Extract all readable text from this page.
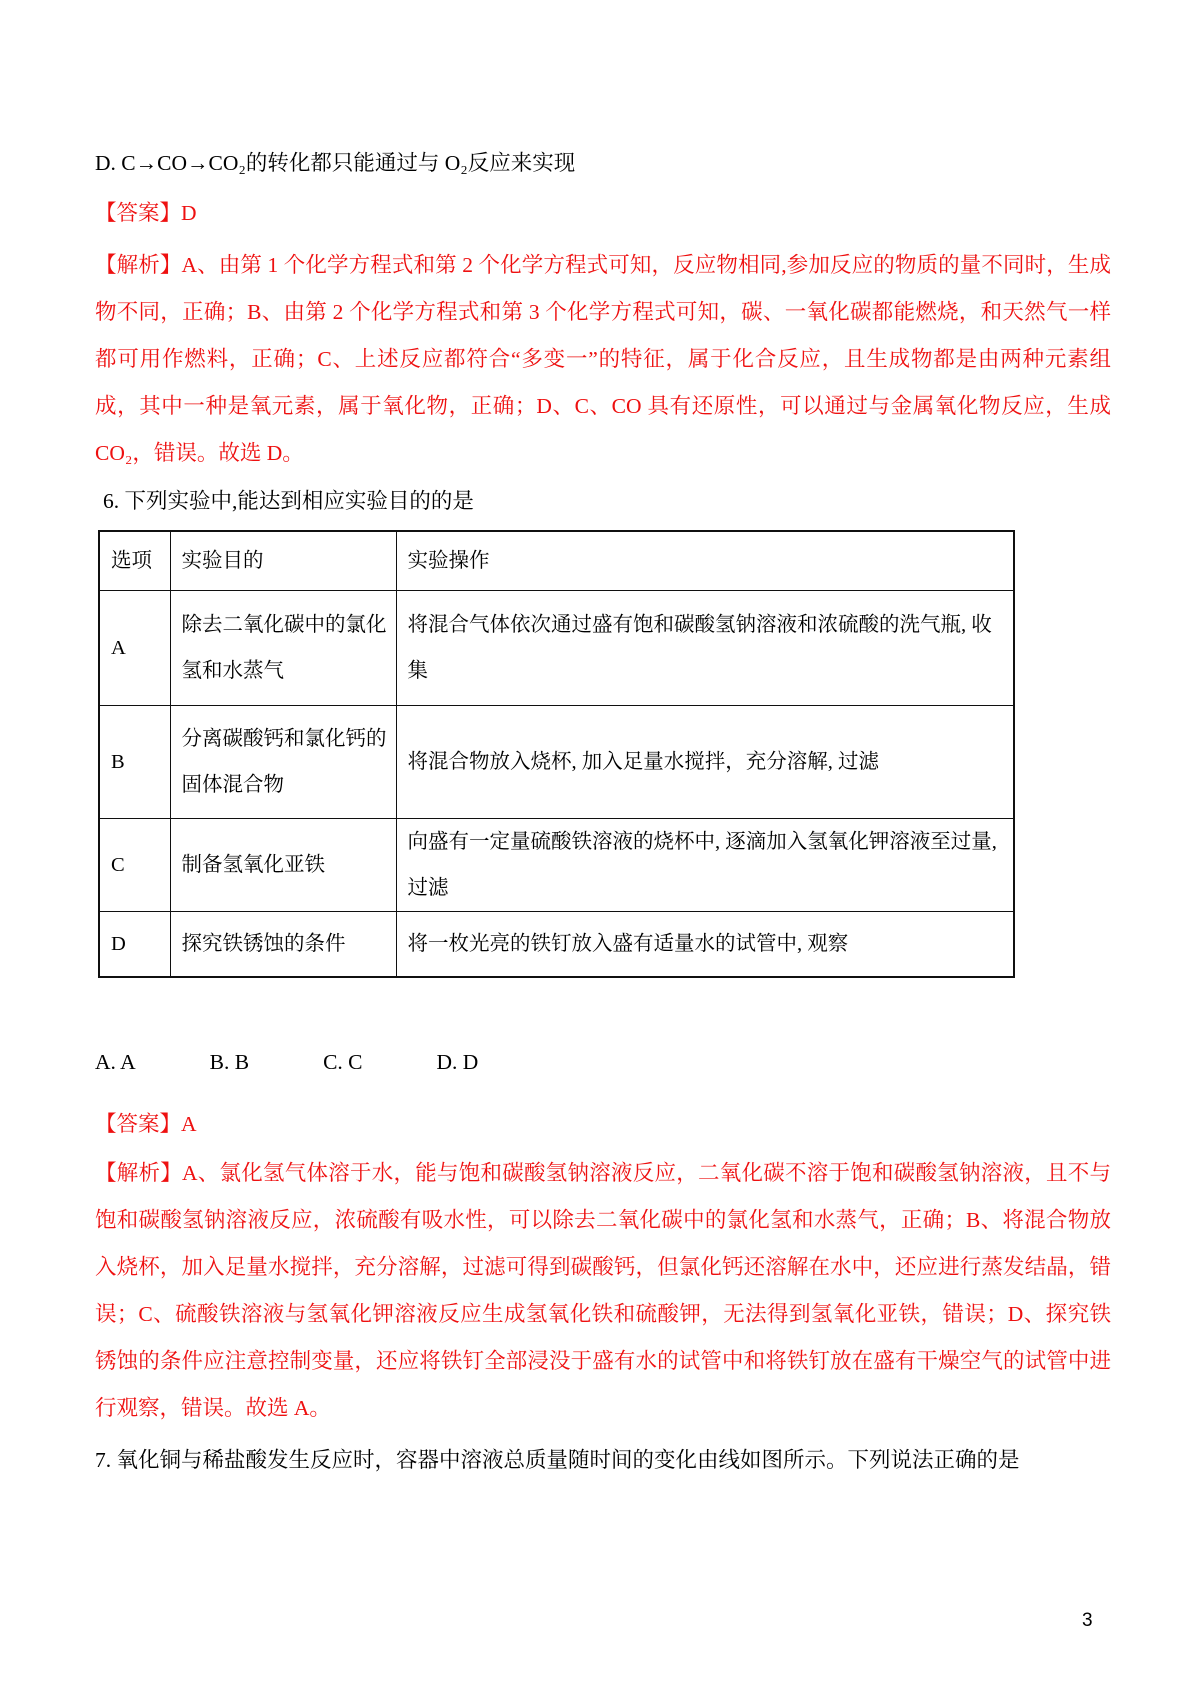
D. C→CO→CO₂的转化都只能通过与 O₂反应来实现

【答案】D

【解析】A、由第 1 个化学方程式和第 2 个化学方程式可知，反应物相同,参加反应的物质的量不同时，生成物不同，正确；B、由第 2 个化学方程式和第 3 个化学方程式可知，碳、一氧化碳都能燃烧，和天然气一样都可用作燃料，正确；C、上述反应都符合“多变一”的特征，属于化合反应，且生成物都是由两种元素组成，其中一种是氧元素，属于氧化物，正确；D、C、CO 具有还原性，可以通过与金属氧化物反应，生成CO₂，错误。故选 D。

6. 下列实验中,能达到相应实验目的的是

选项	实验目的	实验操作
A	除去二氧化碳中的氯化氢和水蒸气	将混合气体依次通过盛有饱和碳酸氢钠溶液和浓硫酸的洗气瓶, 收集
B	分离碳酸钙和氯化钙的固体混合物	将混合物放入烧杯, 加入足量水搅拌，充分溶解, 过滤
C	制备氢氧化亚铁	向盛有一定量硫酸铁溶液的烧杯中, 逐滴加入氢氧化钾溶液至过量, 过滤
D	探究铁锈蚀的条件	将一枚光亮的铁钉放入盛有适量水的试管中, 观察
A. A	B. B	C. C	D. D

【答案】A

【解析】A、氯化氢气体溶于水，能与饱和碳酸氢钠溶液反应，二氧化碳不溶于饱和碳酸氢钠溶液，且不与饱和碳酸氢钠溶液反应，浓硫酸有吸水性，可以除去二氧化碳中的氯化氢和水蒸气，正确；B、将混合物放入烧杯，加入足量水搅拌，充分溶解，过滤可得到碳酸钙，但氯化钙还溶解在水中，还应进行蒸发结晶，错误；C、硫酸铁溶液与氢氧化钾溶液反应生成氢氧化铁和硫酸钾，无法得到氢氧化亚铁，错误；D、探究铁锈蚀的条件应注意控制变量，还应将铁钉全部浸没于盛有水的试管中和将铁钉放在盛有干燥空气的试管中进行观察，错误。故选 A。

7. 氧化铜与稀盐酸发生反应时，容器中溶液总质量随时间的变化由线如图所示。下列说法正确的是

3
